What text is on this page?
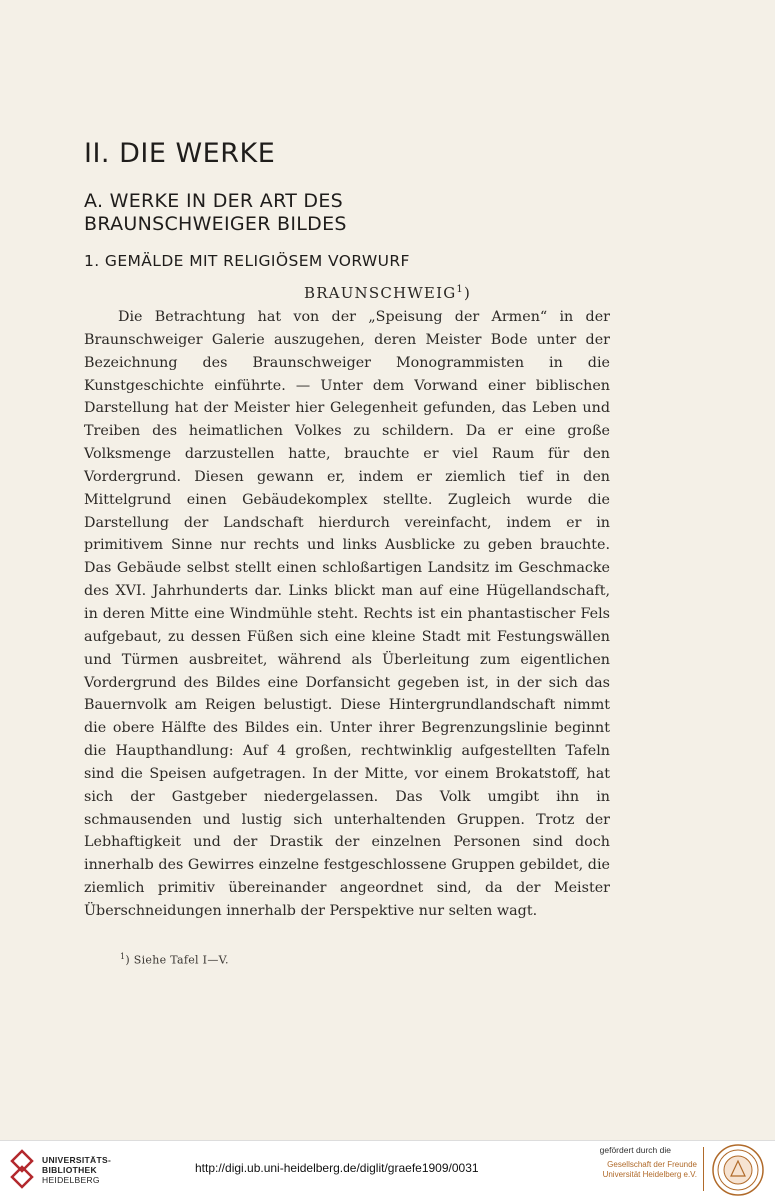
II. DIE WERKE
A. WERKE IN DER ART DES
BRAUNSCHWEIGER BILDES
1. GEMÄLDE MIT RELIGIÖSEM VORWURF
BRAUNSCHWEIG$^1$)

Die Betrachtung hat von der „Speisung der Armen“ in der Braunschweiger Galerie auszugehen, deren Meister Bode unter der Bezeichnung des Braunschweiger Monogrammisten in die Kunstgeschichte einführte. — Unter dem Vorwand einer biblischen Darstellung hat der Meister hier Gelegenheit gefunden, das Leben und Treiben des heimatlichen Volkes zu schildern. Da er eine große Volksmenge darzustellen hatte, brauchte er viel Raum für den Vordergrund. Diesen gewann er, indem er ziemlich tief in den Mittelgrund einen Gebäudekomplex stellte. Zugleich wurde die Darstellung der Landschaft hierdurch vereinfacht, indem er in primitivem Sinne nur rechts und links Ausblicke zu geben brauchte. Das Gebäude selbst stellt einen schloßartigen Landsitz im Geschmacke des XVI. Jahrhunderts dar. Links blickt man auf eine Hügellandschaft, in deren Mitte eine Windmühle steht. Rechts ist ein phantastischer Fels aufgebaut, zu dessen Füßen sich eine kleine Stadt mit Festungswällen und Türmen ausbreitet, während als Überleitung zum eigentlichen Vordergrund des Bildes eine Dorfansicht gegeben ist, in der sich das Bauernvolk am Reigen belustigt. Diese Hintergrundlandschaft nimmt die obere Hälfte des Bildes ein. Unter ihrer Begrenzungslinie beginnt die Haupthandlung: Auf 4 großen, rechtwinklig aufgestellten Tafeln sind die Speisen aufgetragen. In der Mitte, vor einem Brokatstoff, hat sich der Gastgeber niedergelassen. Das Volk umgibt ihn in schmausenden und lustig sich unterhaltenden Gruppen. Trotz der Lebhaftigkeit und der Drastik der einzelnen Personen sind doch innerhalb des Gewirres einzelne festgeschlossene Gruppen gebildet, die ziemlich primitiv übereinander angeordnet sind, da der Meister Überschneidungen innerhalb der Perspektive nur selten wagt.

$^1$) Siehe Tafel I—V.
UNIVERSITÄTS-
BIBLIOTHEK
HEIDELBERG
http://digi.ub.uni-heidelberg.de/diglit/graefe1909/0031
gefördert durch die
Gesellschaft der Freunde
Universität Heidelberg e.V.
